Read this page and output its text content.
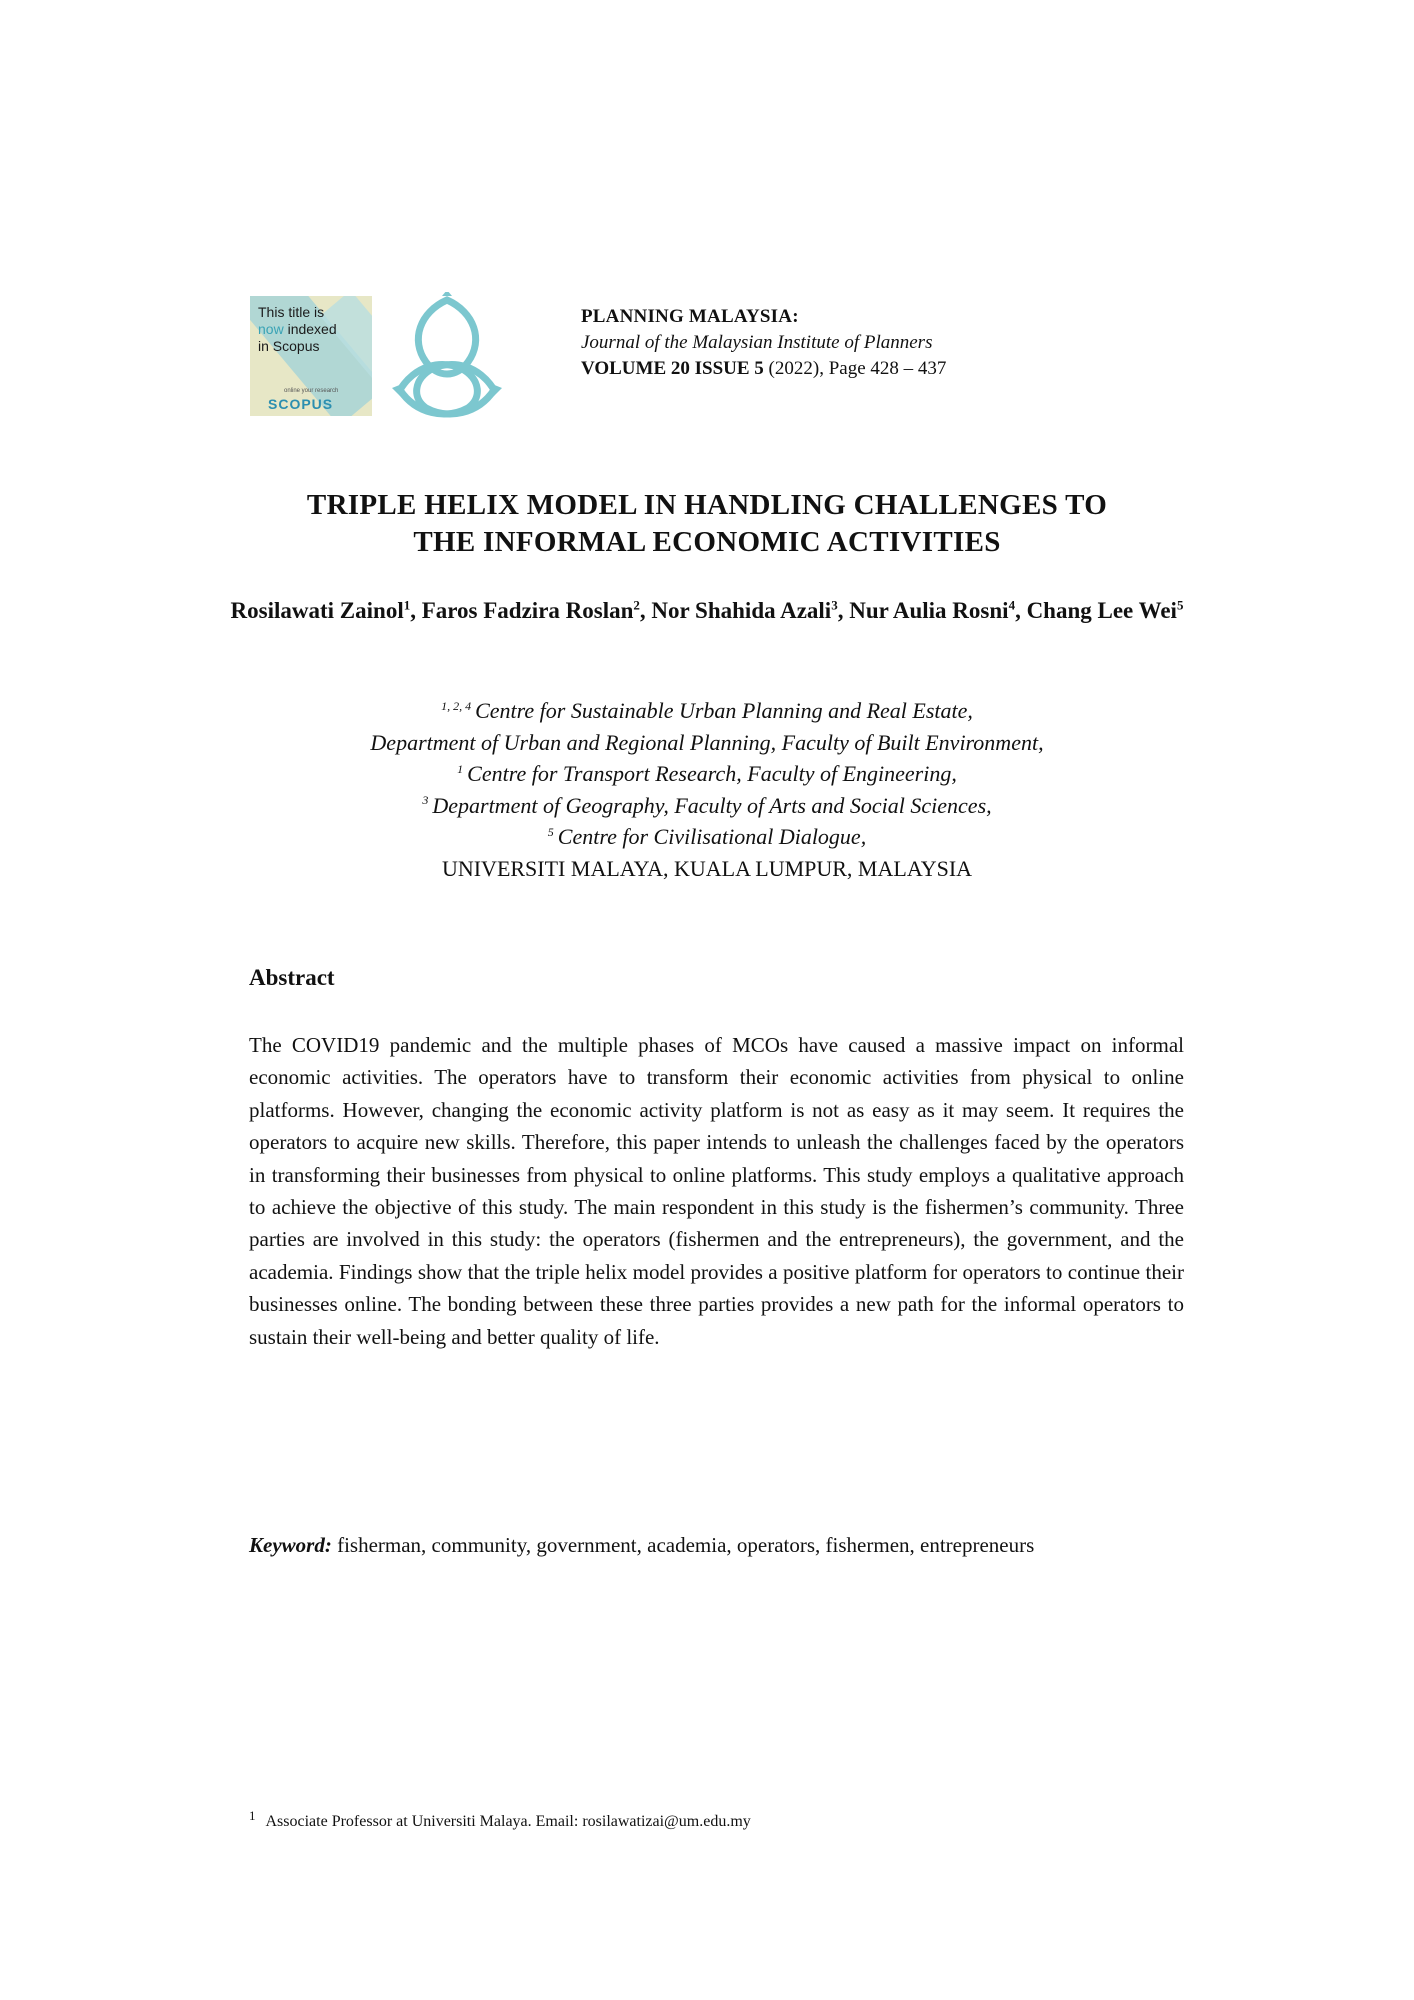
This title is
now indexed
in Scopus
online your research
SCOPUS
PLANNING MALAYSIA:
Journal of the Malaysian Institute of Planners
VOLUME 20 ISSUE 5 (2022), Page 428 – 437
TRIPLE HELIX MODEL IN HANDLING CHALLENGES TO
THE INFORMAL ECONOMIC ACTIVITIES
Rosilawati Zainol$^1$, Faros Fadzira Roslan$^2$, Nor Shahida Azali$^3$, Nur Aulia Rosni$^4$, Chang Lee Wei$^5$
$^{1, 2, 4}$ Centre for Sustainable Urban Planning and Real Estate,
Department of Urban and Regional Planning, Faculty of Built Environment,
$^1$ Centre for Transport Research, Faculty of Engineering,
$^3$ Department of Geography, Faculty of Arts and Social Sciences,
$^5$ Centre for Civilisational Dialogue,
UNIVERSITI MALAYA, KUALA LUMPUR, MALAYSIA
Abstract
The COVID19 pandemic and the multiple phases of MCOs have caused a massive impact on informal economic activities. The operators have to transform their economic activities from physical to online platforms. However, changing the economic activity platform is not as easy as it may seem. It requires the operators to acquire new skills. Therefore, this paper intends to unleash the challenges faced by the operators in transforming their businesses from physical to online platforms. This study employs a qualitative approach to achieve the objective of this study. The main respondent in this study is the fishermen’s community. Three parties are involved in this study: the operators (fishermen and the entrepreneurs), the government, and the academia. Findings show that the triple helix model provides a positive platform for operators to continue their businesses online. The bonding between these three parties provides a new path for the informal operators to sustain their well-being and better quality of life.
Keyword: fisherman, community, government, academia, operators, fishermen, entrepreneurs
$^1$ Associate Professor at Universiti Malaya. Email: rosilawatizai@um.edu.my
